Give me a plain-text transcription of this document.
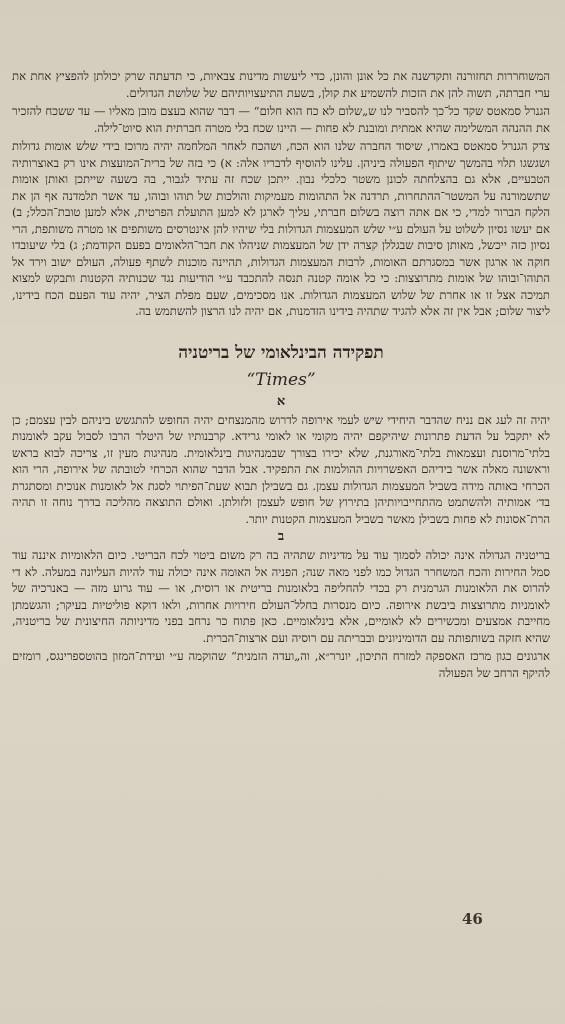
המשוחררות תחזורנה ותקדשנה את כל אונן והונן, כדי ליעשות מדינות צבאיות, כי תדעתה שרק יכולתן להפציץ אחת את ערי חברתה, תשוה להן את הזכות להשמיע את קולן, בשעת התיעצויותיהם של שלושת הגדולים.

הגנרל סמאטס שקד כל־כך להסביר לנו ש„שלום לא כח הוא חלום“ — דבר שהוא בעצם מובן מאליו — עד ששכח להזכיר את ההנהה המשלימה שהיא אמתית ומובנת לא פחות — היינו שכח בלי מטרה חברתית הוא סיוט־לילה.

צדק הגנרל סמאטס באמרו, שיסוד החברה שלנו הוא הכח, ושהכח לאחר המלחמה יהיה מרוכז בידי שלש אומות גדולות ושגשגו תלוי בהמשך שיתוף הפעולה ביניהן. עלינו להוסיף לדבריו אלה: א) כי בזה של ברית־המועצות אינו רק באוצרותיה הטבעיים, אלא גם בהצלחתה לכונן משטר כלכלי נבון. ייתכן שכח זה עתיד לגבור, בה בשעה שייתכן ואותן אומות שתשמורנה על המשטר־ההתחרות, תרדנה אל התהומות מעמיקות והולכות של תוהו ובוהו, עד אשר תלמדנה אף הן את הלקח הברור למדי, כי אם אתה רוצה בשלום חברתי, עליך לארגן לא למען התועלת הפרטית, אלא למען טובת־הכלל; ב) אם יעשו נסיון לשלוט על העולם ע״י שלש המעצמות הגדולות בלי שיהיו להן אינטרסים משותפים או מטרה משותפת, הרי נסיון כזה ייכשל, מאותן סיבות שבגללן קצרה ידן של המעצמות שניהלו את חבר־הלאומים בפעם הקודמת; ג) בלי שיעובדו חוקה או ארגון אשר במסגרתם האומות, לרבות המעצמות הגדולות, תהיינה מוכנות לשתף פעולה, העולם ישוב וירד אל התוהו־ובוהו של אומות מתרוצצות: כי כל אומה קטנה תנסה להתכבד ע״י הודיעות נגד שכנותיה הקטנות ותבקש למצוא תמיכה אצל זו או אחרת של שלוש המעצמות הגדולות. אנו מסכימים, שעם מפלת הציר, יהיה עוד הפעם הכח בידינו, ליצור שלום; אבל אין זה אלא להגיד שתהיה בידינו הזדמנות, אם יהיה לנו הרצון להשתמש בה.

תפקידה הבינלאומי של בריטניה
“Times”
א

יהיה זה לעג אם נניח שהדבר היחידי שיש לעמי אירופה לדרוש מהמנצחים יהיה החופש להתגשש ביניהם לבין עצמם; כן לא יתקבל על הדעת פתרונות שיהיקפם יהיה מקומי או לאומי גרידא. קרבנותיו של היטלר הרבו לסבול עקב לאומנות בלתי־מרוסנת ועצמאות בלתי־מאורגנת, שלא יכירו בצורך שבמנהיגות בינלאומית. מנהיגות מעין זו, צריכה לבוא בראש וראשונה מאלה אשר בידיהם האפשרויות ההולמות את התפקיד. אבל הדבר שהוא הכרחי לטובתה של אירופה, הרי הוא הכרחי באותה מידה בשביל המעצמות הגדולות עצמן. גם בשבילן תבוא שעת־הפיתוי לסגת אל לאומנות אנוכית ומסתגרת בד׳ אמותיה ולהשתמט מהתחייבויותיהן בתירוץ של חופש לעצמן ולזולתן. ואולם התוצאה מהליכה בדרך נוחה זו תהיה הרת־אסונות לא פחות בשבילן מאשר בשביל המעצמות הקטנות יותר.

ב

בריטניה הגדולה אינה יכולה לסמוך עוד על מדיניות שתהיה בה רק משום ביטוי לכח הבריטי. כיום הלאומיות איננה עוד סמל החירות והכח המשחרר הגדול כמו לפני מאה שנה; הפניה אל האומה אינה יכולה עוד להיות העליונה במעלה. לא די להרוס את הלאומנות הגרמנית רק בכדי להחליפה בלאומנות בריטית או רוסית, או — עוד גרוע מזה — באנרכיה של לאומניות מתרוצצות ביבשת אירופה. כיום מנסרות בחלל־העולם חירויות אחרות, ולאו דוקא פוליטיות בעיקר; והגשמתן מחייבת אמצעים ומכשירים לא לאומיים, אלא בינלאומיים. כאן פתוח כר נרחב בפני מדיניותה החיצונית של בריטניה, שהיא חזקה בשותפותה עם הדומיניונים ובבריתה עם רוסיה ועם ארצות־הברית.

ארגונים כגון מרכז האספקה למזרח התיכון, יונרר״א, וה„ועדה הזמנית“ שהוקמה ע״י ועידת־המזון בהוטספרינגס, רומזים להיקף הרחב של הפעולה

46
